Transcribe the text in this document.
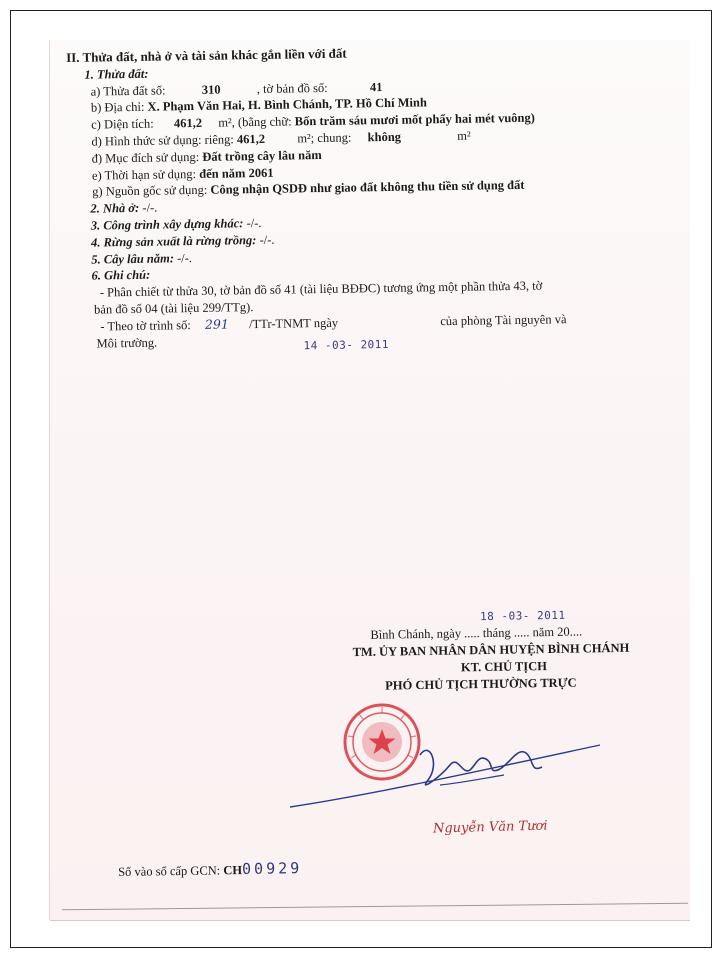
II. Thửa đất, nhà ở và tài sản khác gắn liền với đất
1. Thửa đất:
a) Thửa đất số:	310	, tờ bản đồ số:	41
b) Địa chỉ: X. Phạm Văn Hai, H. Bình Chánh, TP. Hồ Chí Minh
c) Diện tích: 461,2 m², (bằng chữ: Bốn trăm sáu mươi mốt phẩy hai mét vuông)
d) Hình thức sử dụng: riêng: 461,2	m²; chung: không	m²
đ) Mục đích sử dụng: Đất trồng cây lâu năm
e) Thời hạn sử dụng: đến năm 2061
g) Nguồn gốc sử dụng: Công nhận QSDĐ như giao đất không thu tiền sử dụng đất
2. Nhà ở: -/-.
3. Công trình xây dựng khác: -/-.
4. Rừng sản xuất là rừng trồng: -/-.
5. Cây lâu năm: -/-.
6. Ghi chú:
- Phân chiết từ thửa 30, tờ bản đồ số 41 (tài liệu BĐĐC) tương ứng một phần thửa 43, tờ
bản đồ số 04 (tài liệu 299/TTg).
- Theo tờ trình số: 291 /TTr-TNMT ngày	của phòng Tài nguyên và
Môi trường.	14 -03- 2011
18 -03- 2011
Bình Chánh, ngày ..... tháng ..... năm 20....
TM. ỦY BAN NHÂN DÂN HUYỆN BÌNH CHÁNH
KT. CHỦ TỊCH
PHÓ CHỦ TỊCH THƯỜNG TRỰC
Nguyễn Văn Tươi
Số vào sổ cấp GCN: CH00929
